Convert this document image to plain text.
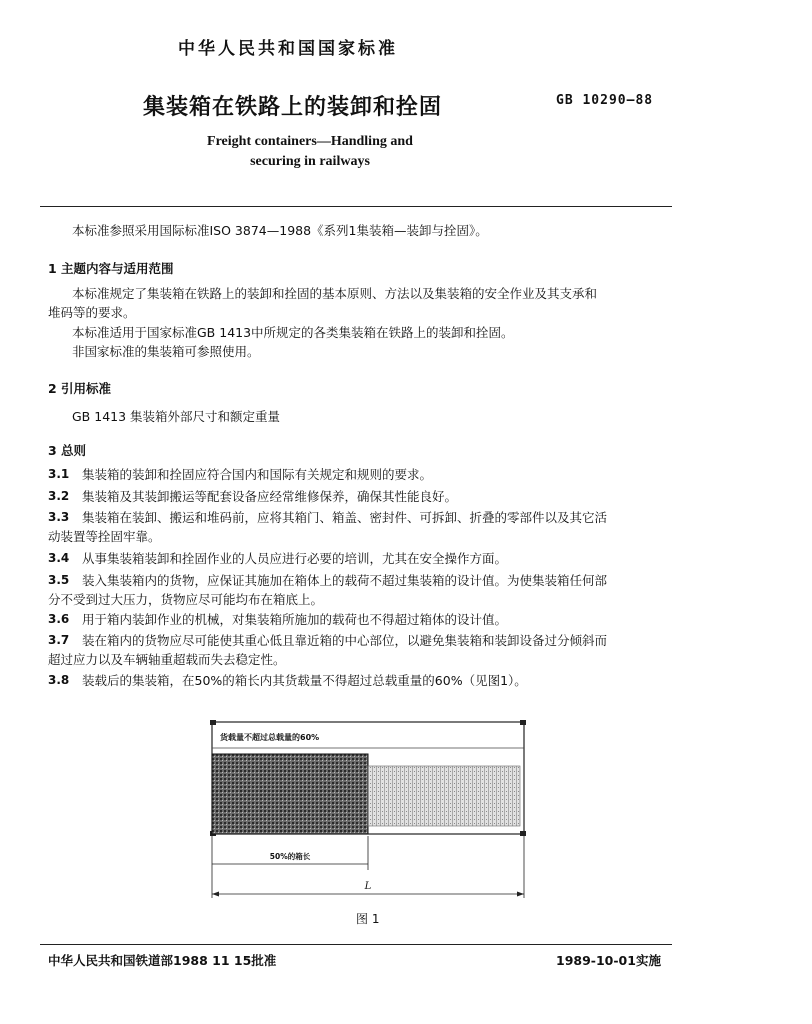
中华人民共和国国家标准
集装箱在铁路上的装卸和拴固	GB 10290—88
Freight containers—Handling and
securing in railways
本标准参照采用国际标准ISO 3874—1988《系列1集装箱—装卸与拴固》。
1 主题内容与适用范围
本标准规定了集装箱在铁路上的装卸和拴固的基本原则、方法以及集装箱的安全作业及其支承和
堆码等的要求。
本标准适用于国家标准GB 1413中所规定的各类集装箱在铁路上的装卸和拴固。
非国家标准的集装箱可参照使用。
2 引用标准
GB 1413 集装箱外部尺寸和额定重量
3 总则
3.1 集装箱的装卸和拴固应符合国内和国际有关规定和规则的要求。
3.2 集装箱及其装卸搬运等配套设备应经常维修保养，确保其性能良好。
3.3 集装箱在装卸、搬运和堆码前，应将其箱门、箱盖、密封件、可拆卸、折叠的零部件以及其它活
动装置等拴固牢靠。
3.4 从事集装箱装卸和拴固作业的人员应进行必要的培训，尤其在安全操作方面。
3.5 装入集装箱内的货物，应保证其施加在箱体上的载荷不超过集装箱的设计值。为使集装箱任何部
分不受到过大压力，货物应尽可能均布在箱底上。
3.6 用于箱内装卸作业的机械，对集装箱所施加的载荷也不得超过箱体的设计值。
3.7 装在箱内的货物应尽可能使其重心低且靠近箱的中心部位，以避免集装箱和装卸设备过分倾斜而
超过应力以及车辆轴重超载而失去稳定性。
3.8 装载后的集装箱，在50%的箱长内其货载量不得超过总载重量的60%（见图1）。
货载量不超过总载量的60%
50%的箱长
L
图 1
中华人民共和国铁道部1988 11 15批准	1989-10-01实施
